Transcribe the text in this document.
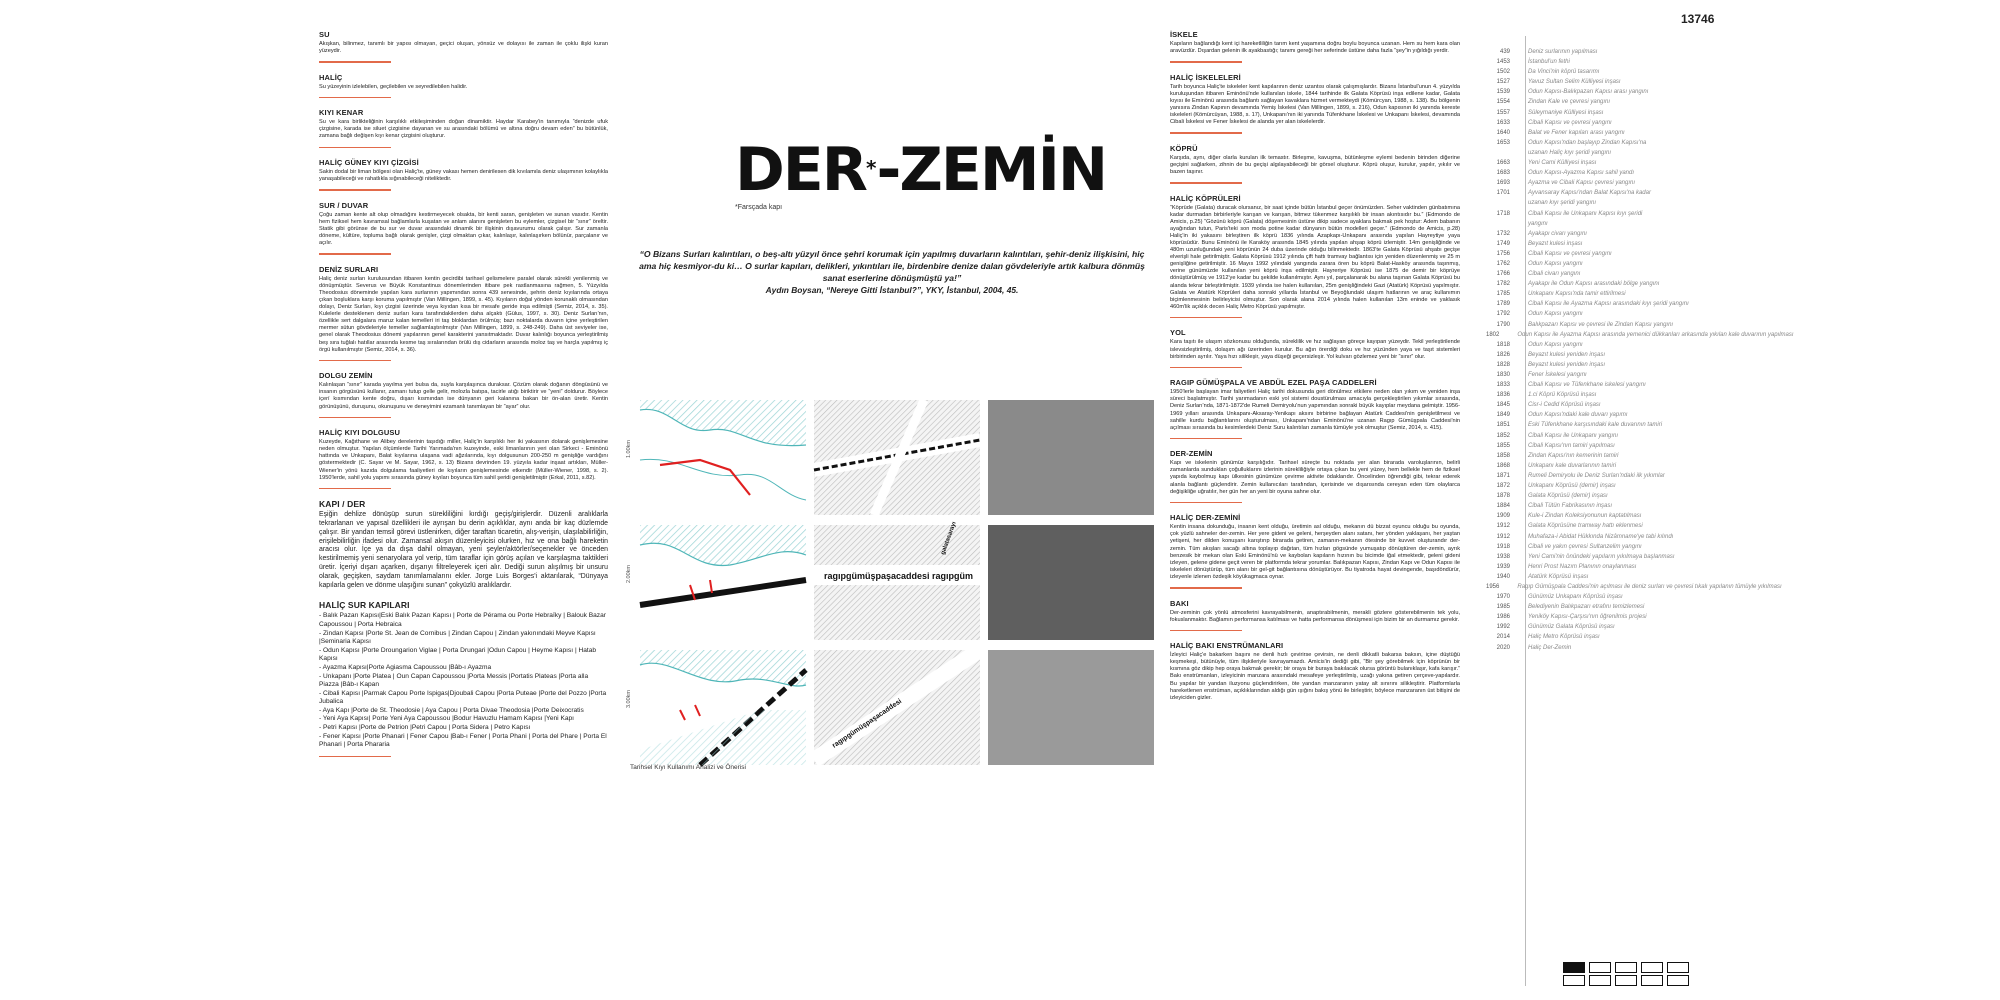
13746
SU

Akışkan, bilinmez, tanımlı bir yapısı olmayan, geçici oluşan, yönsüz ve dolayısı ile zaman ile çoklu ilişki kuran yüzeydir.

HALİÇ

Su yüzeyinin izlelebilen, geçilebilen ve seyredilebilen halidir.

KIYI KENAR

Su ve kara birlikteliğinin karşılıklı etkileşiminden doğan dinamiktir. Haydar Karabey'in tanımıyla “denizde ufuk çizgisine, karada ise siluet çizgisine dayanan ve su arasındaki bölümü ve altına doğru devam eden” bu bütünlük, zamana bağlı değişen kıyı kenar çizgisini oluşturur.

HALİÇ GÜNEY KIYI ÇİZGİSİ

Sakin dodal bir liman bölgesi olan Haliç'te, güney vakası hemen denirilesen dik kıvılamıla deniz ulaşımının kolaylıkla yanaşabileceği ve rahatlıkla sığınabileceği niteliktedir.

SUR / DUVAR

Çoğu zaman kente alt olup olmadığını kestirmeyecek olsakta, bir kenti saran, genişleten ve sunan vasıdır. Kentin hem fiziksel hem kavramsal bağlamlarla kuşatan ve anlam alanını genişleten bu eylemler, çizgisel bir “sınır” öreltir. Statik gibi görünse de bu sur ve duvar arasındaki dinamik bir ilişkinin dışavurumu olarak çalışır. Sur zamanla döneme, kültüre, topluma bağlı olarak genişler, çizgi olmaktan çıkar, kalınlaşır, kalınlaşırken bölünür, parçalanır ve açılır.

DENİZ SURLARI

Haliç deniz surları kurulusundan itibaren kentin gecirdibi tarihsel gelismelere paralel olarak sürekli yenilenmiş ve dönüşmüştür. Severus ve Büyük Konstantinus dönemlerinden itibare pek rastlanmasına rağmen, 5. Yüzyılda Theodosius döneminde yapılan kara surlarının yapımından sonra 439 senesinde, şehrin deniz kıyılarında ortaya çıkan boşluklara karşı koruma yapılmıştır (Van Millingen, 1899, s. 45). Kıyıların doğal yönden korunaklı olmasından dolayı, Deniz Surları, kıyı çizgisi üzerinde veya kıyıdan kısa bir mesafe geride inşa edilmişti (Semiz, 2014, s. 35). Kulelerle desteklenen deniz surları kara tarafındakilerden daha alçaktı (Gülus, 1997, s. 30). Deniz Surları'nın, özellikle sert dalgalara maruz kalan temelleri iri taş bloklardan örülmüş; bazı noktalarda duvarın içine yerleştirilen mermer sütun gövdeleriyle temeller sağlamlaştırılmıştır (Van Millingen, 1899, s. 248-249). Daha üst seviyeler ise, genel olarak Theodosius dönemi yapılarının genel karakterini yansıtmaktadır. Duvar kalınlığı boyunca yerleştirilmiş beş sıra tuğlalı hatıllar arasında kesme taş sıralarından örülü dış cidarların arasında moloz taş ve harçla yapılmış iç örgü kullanılmıştır (Semiz, 2014, s. 36).

DOLGU ZEMİN

Kalınlaşan “sınır” karada yayılma yeri bulsa da, suyla karşılaşınca duraksar. Çözüm olarak doğanın döngüsünü ve insanın görgüsünü kullanır, zamanı tutup gelle gelir, molozla batıpa, tacirle atığı biriktirir ve “yeni” doldurur. Böylece içerí kısmından kente doğru, dışarı kısmından ise dünyanın geri kalanına bakan bir ön-alan üretir. Kentin görünüşünü, duruşunu, okunuşunu ve deneyimini ezamanlı tanımlayan bir “ayar” olur.

HALİÇ KIYI DOLGUSU

Kuzeyde, Kağıthane ve Alibey derelerinin taşıdığı miller, Haliç'in karşılıklı her iki yakasının dolarak genişlemesine neden olmuştur. Yapılan ölçümlerde Tarihi Yarımada'nın kuzeyinde, eski limanlarının yeri olan Sirkeci - Eminönü hattında ve Unkapanı, Balat kıyılarına ulaşana vadi ağzılarında, kıyı dolgusunun 200-250 m genişliğe vardığını göstermektedir (C. Sayar ve M. Sayar, 1962, s. 13) Bizans devrinden 19. yüzyıla kadar inşaat artıkları, Müller-Wiener'in yönü kazıda dolgulama faaliyetleri de kıyıların genişlemesinde etkendir (Müller-Wiener, 1998, s. 2). 1950'lerde, sahil yolu yapımı sırasında güney kıyıları boyunca tüm sahil şeridi genişletilmiştir (Erkal, 2011, s.82).

KAPI / DER

Eşiğin dehlize dönüşüp surun sürekliliğini kırdığı geçiş/girişlerdir. Düzenli aralıklarla tekrarlanan ve yapısal özellikleri ile ayrışan bu derin açıklıklar, aynı anda bir kaç düzlemde çalışır. Bir yandan temsil görevi üstlenirken, diğer taraftan ticaretin, alış-verişin, ulaşılabilirliğin, erişilebilirliğin ifadesi olur. Zamansal akışın düzenleyicisi olurken, hız ve ona bağlı hareketin aracısı olur. İçe ya da dışa dahil olmayan, yeni şeyler/aktörler/seçenekler ve önceden kestirilmemiş yeni senaryolara yol verip, tüm taraflar için görüş açıları ve karşılaşma taktikleri üretir. İçeriyi dışarı açarken, dışarıyı filtreleyerek içeri alır. Dediği surun alışılmış bir unsuru olarak, geçişken, saydam tanımlamalarını ekler. Jorge Luis Borges'i aktarılarak, “Dünyaya kapılarla gelen ve dönme ulaşığını sunan” çokyüzlü aralıklardır.

HALİÇ SUR KAPILARI

- Balık Pazarı Kapısı|Eski Balık Pazarı Kapısı | Porte de Pérama ou Porte Hebraïky | Balouk Bazar Capoussou | Porta Hebraica

- Zindan Kapısı |Porte St. Jean de Cornibus | Zindan Capou | Zindan yakınındaki Meyve Kapısı |Seminaria Kapısı

- Odun Kapısı |Porte Droungarion Viglae | Porta Drungari |Odun Capou | Heyme Kapısı | Hatab Kapısı

- Ayazma Kapısı|Porte Agiasma Capoussou |Bâb-ı Ayazma

- Unkapanı |Porte Platea | Oun Capan Capoussou |Porta Messis |Portatis Plateas |Porta alla Piazza |Bâb-ı Kapan

- Cibali Kapısı |Parmak Capou Porte Ispigas|Djoubali Capou |Porta Puteae |Porte del Pozzo |Porta Jubalica

- Aya Kapı |Porte de St. Theodosie | Aya Capou | Porta Divae Theodosia |Porte Deixocratis

- Yeni Aya Kapısı| Porte Yeni Aya Capoussou |Bodur Havuzlu Hamam Kapısı |Yeni Kapı

- Petri Kapısı |Porte de Petrion |Petri Capou | Porta Sidera | Petro Kapısı

- Fener Kapısı |Porte Phanari | Fener Capou |Bab-ı Fener | Porta Phani | Porta del Phare | Porta El Phanari | Porta Phararia

DER*-ZEMİN
*Farsçada kapı
“O Bizans Surları kalıntıları, o beş-altı yüzyıl önce şehri korumak için yapılmış duvarların kalıntıları, şehir-deniz ilişkisini, hiç ama hiç kesmiyor-du ki… O surlar kapıları, delikleri, yıkıntıları ile, birdenbire denize dalan gövdeleriyle artık kalbura dönmüş sanat eserlerine dönüşmüştü ya!”
Aydın Boysan, “Nereye Gitti İstanbul?”, YKY, İstanbul, 2004, 45.
1.00km
2.00km
3.00km
ragıpgümüşpaşacaddesi ragıpgüm
galatasarayı
ragıpgümüşpaşacaddesi
Tarihsel Kıyı Kullanımı Analizi ve Önerisi
İSKELE

Kapıların bağlandığı kent içi hareketliliğin tarım kent yaşamına doğru boylu boyunca uzanan. Hem su hem kara olan aravüzdür. Dışardan gelenin ilk ayakbastığı; tanımı gereği her seferinde üstüne daha fazla “şey”in yığıldığı yerdir.

HALİÇ İSKELELERİ

Tarih boyunca Haliç'te iskeleler kent kapılarının deniz uzantısı olarak çalışmışlardır. Bizans İstanbul'unun 4. yüzyılda kuruluşundan itibaren Eminönü'nde kullanılan iskele, 1844 tarihinde ilk Galata Köprüsü inşa edilene kadar, Galata kıyısı ile Eminönü arasında bağlantı sağlayan kavaklara hizmet vermekteydi (Kömürcyan, 1988, s. 138). Bu bölgenin yanısıra Zindan Kapının devamında Yemiş İskelesi (Van Millingen, 1899, s. 216), Odun kapısının iki yanında kereste iskeleleri (Kömürcüyan, 1988, s. 17), Unkapanı'nın iki yanında Tüfenkhane İskelesi ve Unkapanı İskelesi, devamında Cibali İskelesi ve Fener İskelesi de alanda yer alan iskelelerdir.

KÖPRÜ

Karşıda, aynı, diğer olarla kurulan ilk temastır. Birleşme, kavuşma, bütünleşme eylemi bedenin birinden diğerine geçişini sağlarken, zihnin de bu geçişi algılayabileceği bir görsel oluşturur. Köprü oluşur, kurulur, yapılır, yıkılır ve bazen taşınır.

HALİÇ KÖPRÜLERİ

“Köprüde (Galata) duracak olursanız, bir saat içinde bütün İstanbul geçer önümüzden. Seher vaktinden günbatımına kadar durmadan birbirleriyle karışan ve karışan, bitmez tükenmez karşılıklı bir insan akıntısıdır bu.” (Edmondo de Amicis, p.25) “Gözünü köprü (Galata) döşemesinin üstüne dikip sadece ayaklara bakmak pek hoştur: Adem babanın ayağından tutun, Paris'teki son moda potine kadar dünyanın bütün modelleri geçer.” (Edmondo de Amicis, p.28) Haliç'in iki yakasını birleştiren ilk köprü 1836 yılında Azapkapı-Unkapanı arasında yapılan Hayreytiye yaya köprüsüdür. Bunu Eminönü ile Karaköy arasında 1845 yılında yapılan ahşap köprü izlemiştir. 14m genişliğinde ve 480m uzunluğundaki yeni köprünün 24 duba üzerinde olduğu bilinmektedir. 1863'te Galata Köprüsü ahşabı geçişe elverişli hale getirilmiştir. Galata Köprüsü 1912 yılında çift hattı tramvay bağlantısı için yeniden düzenlenmiş ve 25 m genişliğine getirilmiştir. 16 Mayıs 1992 yılındaki yangında zarara ören bu köprü Balat-Hasköy arasında taşınmış, verine günümüzde kullanılan yeni köprü inşa edilmiştir. Hayreriye Köprüsü ise 1875 de demir bir köprüye dönüştürülmüş ve 1912'ye kadar bu şekilde kullanılmıştır. Aynı yıl, parçalanarak bu alana taşınan Galata Köprüsü bu alanda tekrar birleştirilmiştir. 1939 yılında ise halen kullanılan, 25m genişliğindeki Gazi (Atatürk) Köprüsü yapılmıştır. Galata ve Atatürk Köprüleri daha sonraki yıllarda İstanbul ve Beyoğlundaki ulaşım hatlarının ve araç kullanımın biçimlenmesinin belirleyicisi olmuştur. Son olarak alana 2014 yılında halen kullanılan 13m eninde ve yaklasık 460m'lik açıklık decen Haliç Metro Köprüsü yapılmıştır.

YOL

Kara taşıtı ile ulaşım sözkonusu olduğunda, süreklilik ve hız sağlayan göreçe kayıpan yüzeydir. Tekil yerleştirilende islevsizleştirilmiş, dolaşım ağı üzerinden kurulur. Bu ağın örerdiği doku ve hız yüzünden yaya ve taşıt sistemleri birbirinden ayrılır. Yaya hızı silikleşir, yaya düşeği geçersizleşir. Yol kulvarı gözlemez yeni bir “sınır” olur.

RAGIP GÜMÜŞPALA VE ABDÜL EZEL PAŞA CADDELERİ

1950'lerle başlayan imar faliyetleri Haliç tarihi dokusunda geri dönülmez etkilere neden olan yıkım ve yeniden inşa süreci başlatmıştır. Tarihi yarımadanın eski yol sistemi doustürulması amacıyla gerçekleştirilen yıkımlar sırasında, Deniz Surları'nda, 1871-1872'de Rumeli Demiryolu'nun yapımından sonraki büyük kayıplar meydana gelmiştir. 1956-1969 yılları arasında Unkapanı-Aksaray-Yenikapı aksını birbirine bağlayan Atatürk Caddesi'nin genişletilmesi ve sahille kurdu bağlantılarını oluşturulması, Unkapanı'ndan Eminönü'ne uzanan Ragıp Gümüşpala Caddesi'nin açılması sırasında bu kesimlerdeki Deniz Suru kalıntıları zamanla tümüyle yok olmuştur (Semiz, 2014, s. 415).

DER-ZEMİN

Kapı ve iskelenin günümüz karşılığıdır. Tarihsel süreçte bu noktada yer alan birarada varoluşlarının, belirli zamanlarda sunduklan çoğulluklarını izlerinin sürekliliğiyle ortaya çıkan bu yeni yüzey, hem bellekle hem de fiziksel yapıda kaybolmuş kapı ülkesinin günümüze çevirme aktivite ödaklarıdır. Öncelinden öğrendiği gibi, tekrar ederek alanla bağlantı güçlendirir. Zemin kullanıcıları tarafından, içerisinde ve dışarısında cereyan eden tüm olaylarca değişikliğe uğratılır, her gün her an yeni bir oyuna sahne olur.

HALİÇ DER-ZEMİNİ

Kentin insana dokunduğu, insanın kent olduğu, üretimin asl olduğu, mekanın dü bizzat oyuncu olduğu bu oyunda, çok yüzlü sahneler der-zemin. Her yere gideni ve geleni, herşeyden alanı satanı, her yönden yaklaşanı, her yaştan yetişeni, her dilden konuşanı karıştırıp birarada getiren, zamanın-mekanın ötesinde bir kuvvet oluşturandır der-zemin. Tüm akışları sacağı altına toplayıp dağıtan, tüm hızları gögsünde yumuşatıp dönüştüren der-zemin, ayrık benzesik bir mekan olan Eski Eminönü'nü ve kaybolan kapıların hızının bu bicimde iğal etmektedir, geleni gideni izleyen, gelene gidene geçit veren bir platformda tekrar yorumlar. Balıkpazarı Kapısı, Zindan Kapı ve Odun Kapısı ile iskeleleri dönüştürüp, tüm alanı bir gel-git bağlantısına dönüştürüyor. Bu tiyatroda hayat devingende, başıdöndürür, izleyenle izlenen özdeşik köyükagmaca oynar.

BAKI

Der-zeminin çok yönlü atmosferini kavrayabilmenin, anaptırabilmenin, merakli gözlere gösterebilmenin tek yolu, fokuslanmaktır. Bağlamın performansa katılması ve hatta performansa dönüşmesi için bizim bir an durmamız gerekir.

HALİÇ BAKI ENSTRÜMANLARI

İzleyici Haliç'e bakarken başını ne denli hızlı çevirirse çevirsin, ne denli dikkatli bakarsa baksın, içine düştüğü keşmekeşi, bütünüyle, tüm ilişkileriyle kavrayamazdı. Amicis'in dediği gibi, “Bir şey görebilmek için köprünün bir kısmına göz dikip hep oraya bakmak gerekir; bir oraya bir buraya bakılacak olursa görüntü bulanıklaşır, kafa karışır.” Bakı enstrümanları, izleyicinin manzara arasındaki mesafeye yerleştirilmiş, uzağı yakına getiren çerçeve-yapılardır. Bu yapılar bir yandan iluzyonu güçlendirirken, öte yandan manzaranın yatay alt sınırını silikleştirir. Platformlarla hareketlenen enstrüman, açıklıklarından aldığı gün ışığını bakış yönü ile birleştirir, böylece manzaranın üst bitişini de izleyiciden gizler.

439	Deniz surlarının yapılması
1453	İstanbul'un fethi
1502	Da Vinci'nin köprü tasarımı
1527	Yavuz Sultan Selim Külliyesi inşası
1539	Odun Kapısı-Balıkpazarı Kapısı arası yangını
1554	Zindan Kale ve çevresi yangını
1557	Süleymaniye Külliyesi inşası
1633	Cibali Kapısı ve çevresi yangını
1640	Balat ve Fener kapıları arası yangını
1653	Odun Kapısı'ndan başlayıp Zindan Kapısı'na
uzanan Haliç kıyı şeridi yangını
1663	Yeni Cami Külliyesi inşası
1683	Odun Kapısı-Ayazma Kapısı sahil yandı
1693	Ayazma ve Cibali Kapısı çevresi yangını
1701	Ayvansaray Kapısı'ndan Balat Kapısı'na kadar
uzanan kıyı şeridi yangını
1718	Cibali Kapısı ile Unkapanı Kapısı kıyı şeridi
yangını
1732	Ayakapı civarı yangını
1749	Beyazıt kulesi inşası
1756	Cibali Kapısı ve çevresi yangını
1762	Odun Kapısı yangını
1766	Cibali civarı yangını
1782	Ayakapı ile Odun Kapısı arasındaki bölge yangını
1785	Unkapanı Kapısı'nda tamir ettirilmesi
1789	Cibali Kapısı ile Ayazma Kapısı arasındaki kıyı şeridi yangını
1792	Odun Kapısı yangını
1790	Balıkpazarı Kapısı ve çevresi ile Zindan Kapısı yangını
1802	Odun Kapısı ile Ayazma Kapısı arasında yemenici dükkanları arkasında yıkılan kale duvarının yapılması
1818	Odun Kapısı yangını
1826	Beyazıt kulesi yeniden inşası
1828	Beyazıt kulesi yeniden inşası
1830	Fener İskelesi yangını
1833	Cibali Kapısı ve Tüfenkhane iskelesi yangını
1836	1.ci Köprü Köprüsü inşası
1845	Cisr-i Cedid Köprüsü inşası
1849	Odun Kapısı'ndaki kale duvarı yapımı
1851	Eski Tüfenkhane karşısındaki kale duvarının tamiri
1852	Cibali Kapısı ile Unkapanı yangını
1855	Cibali Kapısı'nın tamiri yapılması
1858	Zindan Kapısı'nın kemerinin tamiri
1868	Unkapanı kale duvarlarının tamiri
1871	Rumeli Demiryolu ile Deniz Surları'ndaki ilk yıkımlar
1872	Unkapanı Köprüsü (demir) inşası
1878	Galata Köprüsü (demir) inşası
1884	Cibali Tütün Fabrikasının inşası
1909	Kule-i Zindan Koleksiyonunun kaptatılması
1912	Galata Köprüsüne tramway hattı eklenmesi
1912	Muhafaza-i Abidat Hükkında Nizâmname'ye tabi kılındı
1918	Cibali ve yakın çevresi Sultanzelim yangını
1938	Yeni Cami'nin önündeki yapıların yıkılmaya başlanması
1939	Henri Prost Nazım Planının onaylanması
1940	Atatürk Köprüsü inşası
1956	Ragıp Gümüşpala Caddesi'nin açılması ile deniz surları ve çevresi tıkalı yapılanın tümüyle yıkılması
1970	Günümüz Unkapanı Köprüsü inşası
1985	Belediyenin Balıkpazarı etrafını temizlemesi
1986	Yeniköy Kapısı-Çarşısı'nın öğrenilmis projesi
1992	Günümüz Galata Köprüsü inşası
2014	Haliç Metro Köprüsü inşası
2020	Haliç Der-Zemin
